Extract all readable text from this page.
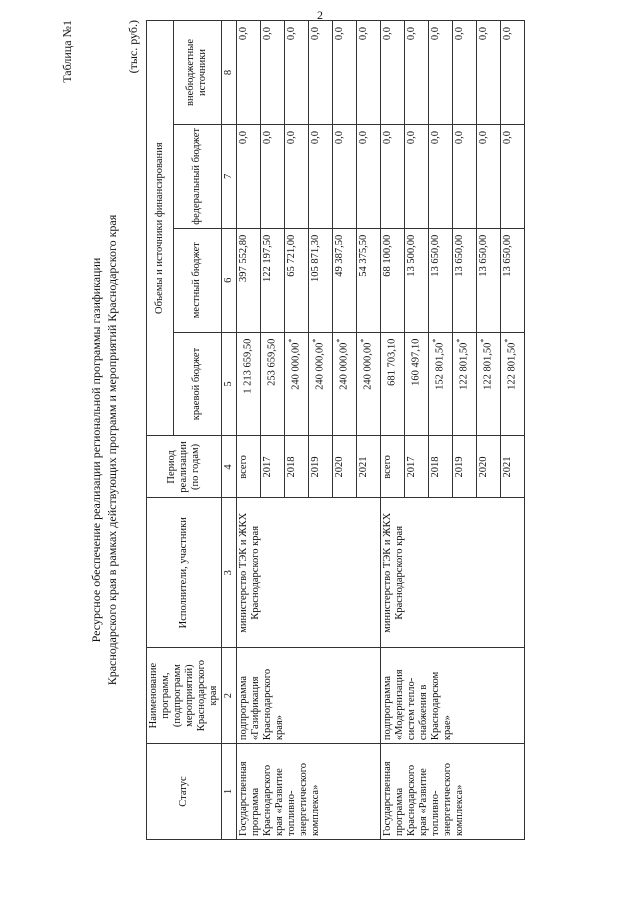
2
Таблица №1
Ресурсное обеспечение реализации региональной программы газификации Краснодарского края в рамках действующих программ и мероприятий Краснодарского края
(тыс. руб.)
Статус	Наименование программ, (подпрограмм мероприятий) Краснодарского края	Исполнители, участники	Период реализации (по годам)	Объемы и источники финансирования			
				краевой бюджет	местный бюджет	федеральный бюджет	внебюджетные источники
1	2	3	4	5	6	7	8
Государственная программа Краснодарского края «Развитие топливно-энергетического комплекса»	подпрограмма «Газификация Краснодарского края»	министерство ТЭК и ЖКХ Краснодарского края	всего	1 213 659,50	397 552,80	0,0	0,0
			2017	253 659,50	122 197,50	0,0	0,0
			2018	240 000,00*	65 721,00	0,0	0,0
			2019	240 000,00*	105 871,30	0,0	0,0
			2020	240 000,00*	49 387,50	0,0	0,0
			2021	240 000,00*	54 375,50	0,0	0,0
Государственная программа Краснодарского края «Развитие топливно-энергетического комплекса»	подпрограмма «Модернизация систем тепло-снабжения в Краснодарском крае»	министерство ТЭК и ЖКХ Краснодарского края	всего	681 703,10	68 100,00	0,0	0,0
			2017	160 497,10	13 500,00	0,0	0,0
			2018	152 801,50*	13 650,00	0,0	0,0
			2019	122 801,50*	13 650,00	0,0	0,0
			2020	122 801,50*	13 650,00	0,0	0,0
			2021	122 801,50*	13 650,00	0,0	0,0
